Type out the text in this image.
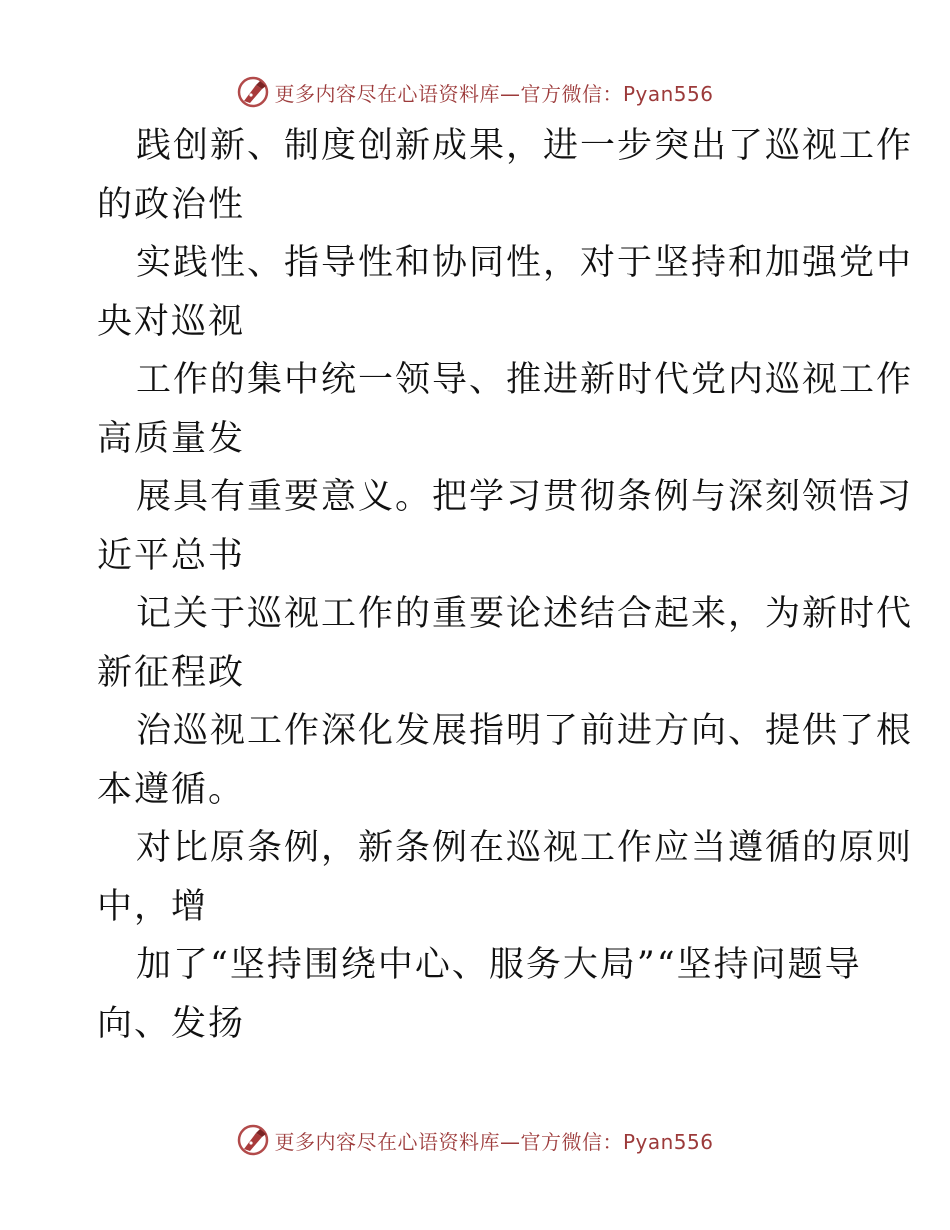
更多内容尽在心语资料库—官方微信：Pyan556
践创新、制度创新成果，进一步突出了巡视工作
的政治性
实践性、指导性和协同性，对于坚持和加强党中
央对巡视
工作的集中统一领导、推进新时代党内巡视工作
高质量发
展具有重要意义。把学习贯彻条例与深刻领悟习
近平总书
记关于巡视工作的重要论述结合起来，为新时代
新征程政
治巡视工作深化发展指明了前进方向、提供了根
本遵循。
对比原条例，新条例在巡视工作应当遵循的原则
中，增
加了“坚持围绕中心、服务大局”“坚持问题导
向、发扬
更多内容尽在心语资料库—官方微信：Pyan556
